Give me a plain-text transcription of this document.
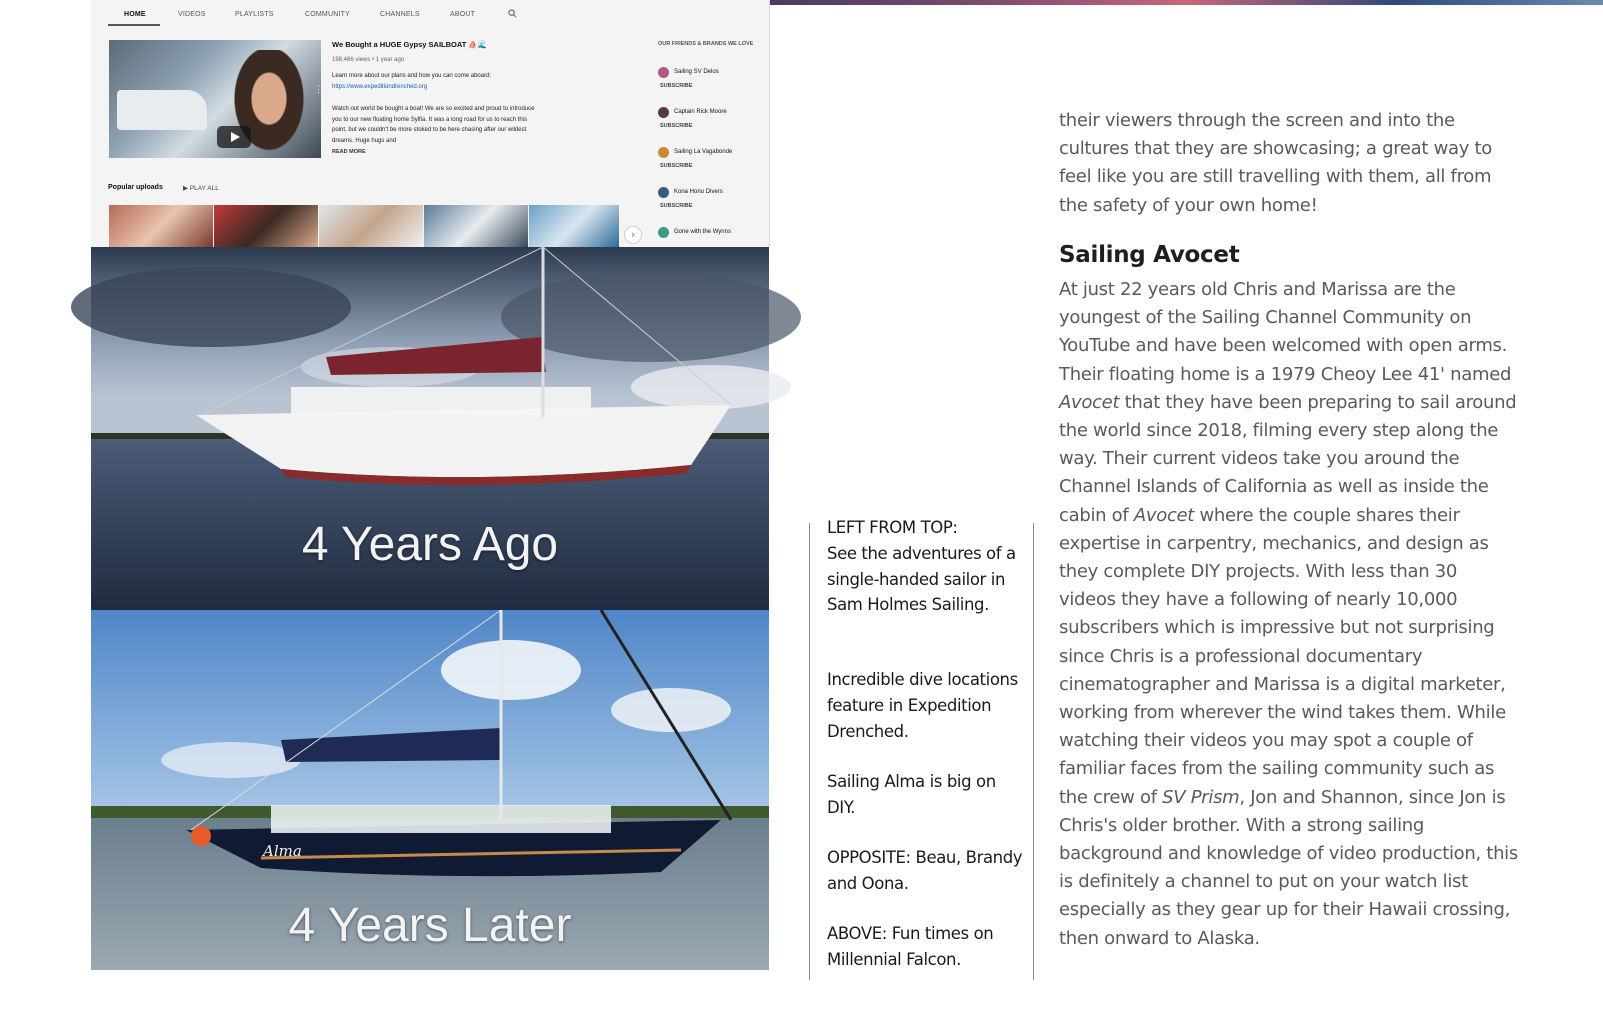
HOME	VIDEOS	PLAYLISTS	COMMUNITY	CHANNELS	ABOUT
⋮
We Bought a HUGE Gypsy SAILBOAT ⛵🌊
198,466 views • 1 year ago
Learn more about our plans and how you can come aboard:
https://www.expeditiondrenched.org
Watch out world be bought a boat! We are so excited and proud to introduce you to our new floating home Sylfia. It was a long road for us to reach this point, but we couldn't be more stoked to be here chasing after our wildest dreams. Huge hugs and
READ MORE
Popular uploads	▶ PLAY ALL
›
OUR FRIENDS & BRANDS WE LOVE
Sailing SV Delos
SUBSCRIBE
Captain Rick Moore
SUBSCRIBE
Sailing La Vagabonde
SUBSCRIBE
Kona Honu Divers
SUBSCRIBE
Gone with the Wynns
4 Years Ago
Alma
4 Years Later
LEFT FROM TOP:
See the adventures of a single-handed sailor in Sam Holmes Sailing.
Incredible dive locations feature in Expedition Drenched.
Sailing Alma is big on DIY.
OPPOSITE: Beau, Brandy and Oona.
ABOVE: Fun times on Millennial Falcon.
their viewers through the screen and into the cultures that they are showcasing; a great way to feel like you are still travelling with them, all from the safety of your own home!
Sailing Avocet
At just 22 years old Chris and Marissa are the youngest of the Sailing Channel Community on YouTube and have been welcomed with open arms. Their floating home is a 1979 Cheoy Lee 41' named Avocet that they have been preparing to sail around the world since 2018, filming every step along the way. Their current videos take you around the Channel Islands of California as well as inside the cabin of Avocet where the couple shares their expertise in carpentry, mechanics, and design as they complete DIY projects. With less than 30 videos they have a following of nearly 10,000 subscribers which is impressive but not surprising since Chris is a professional documentary cinematographer and Marissa is a digital marketer, working from wherever the wind takes them. While watching their videos you may spot a couple of familiar faces from the sailing community such as the crew of SV Prism, Jon and Shannon, since Jon is Chris's older brother. With a strong sailing background and knowledge of video production, this is definitely a channel to put on your watch list especially as they gear up for their Hawaii crossing, then onward to Alaska.
